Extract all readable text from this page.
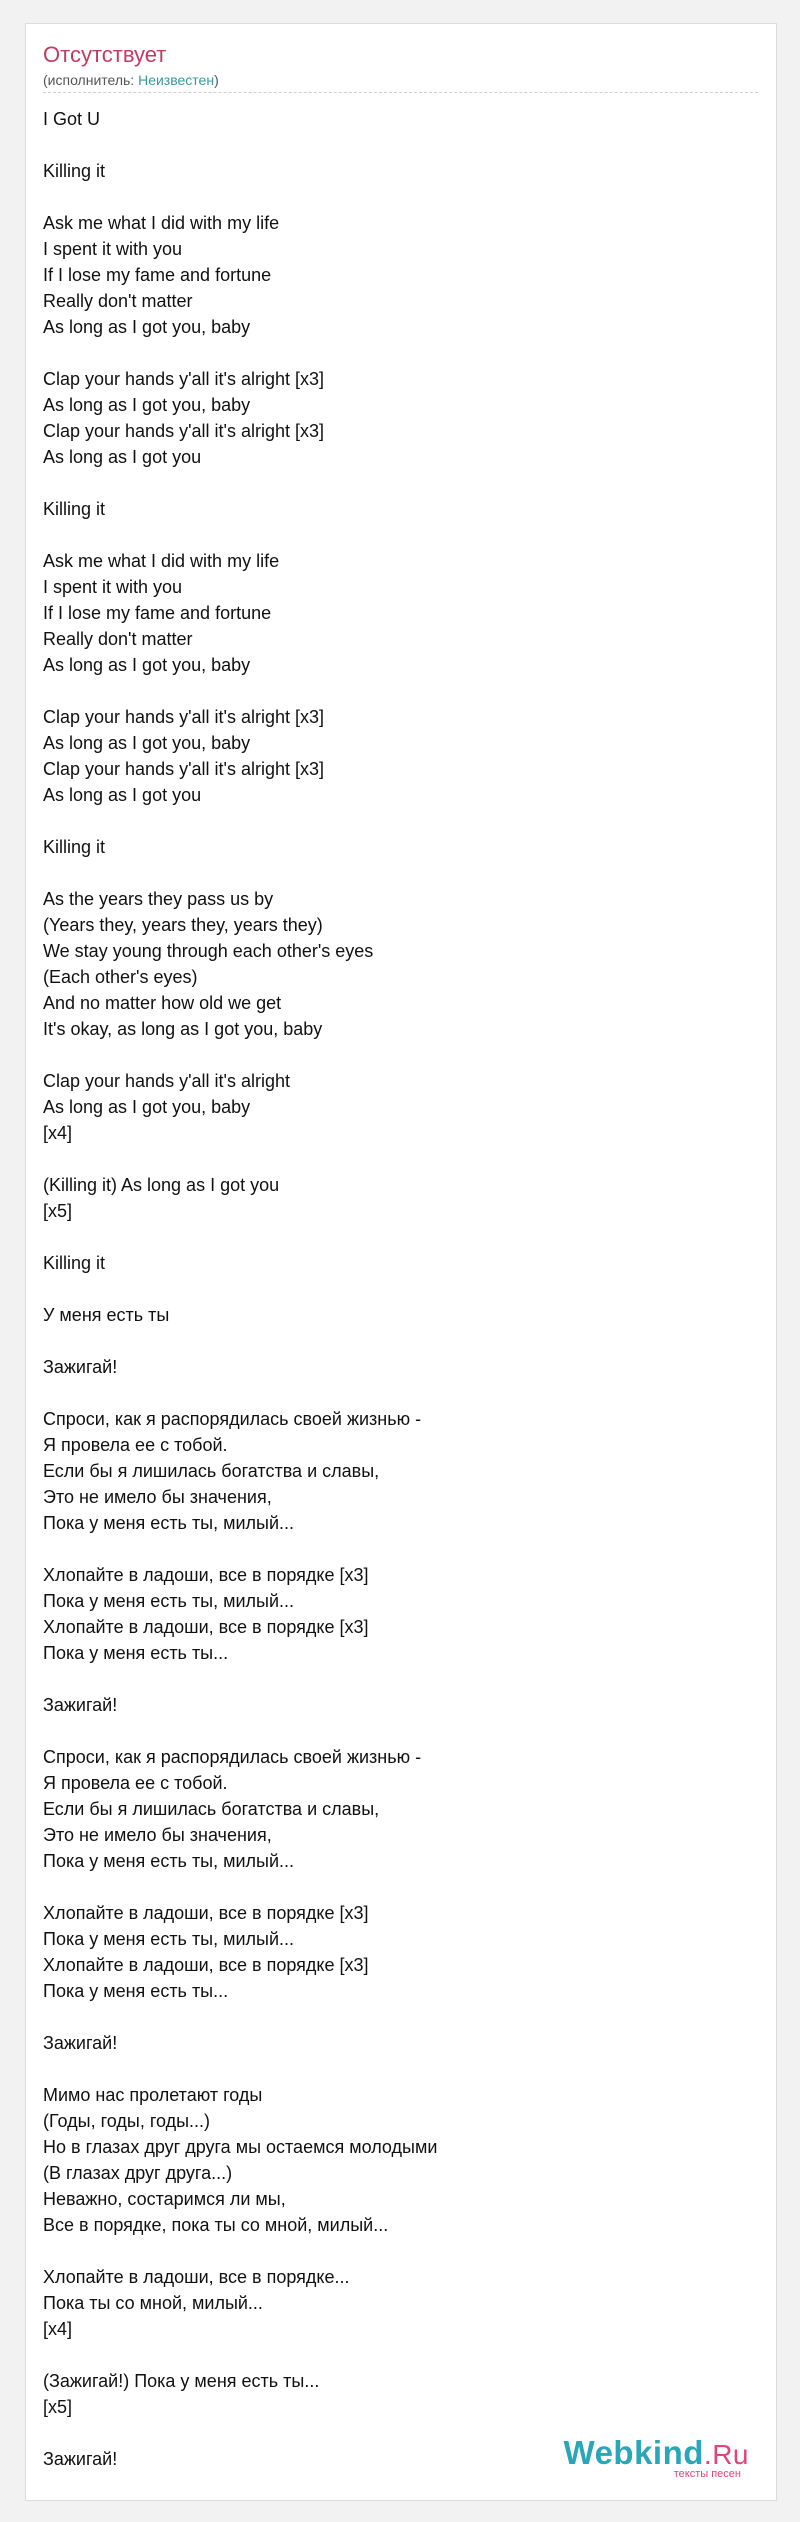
Отсутствует
(исполнитель: Неизвестен)
I Got U
Killing it
Ask me what I did with my life
I spent it with you
If I lose my fame and fortune
Really don't matter
As long as I got you, baby
Clap your hands y'all it's alright [x3]
As long as I got you, baby
Clap your hands y'all it's alright [x3]
As long as I got you
Killing it
Ask me what I did with my life
I spent it with you
If I lose my fame and fortune
Really don't matter
As long as I got you, baby
Clap your hands y'all it's alright [x3]
As long as I got you, baby
Clap your hands y'all it's alright [x3]
As long as I got you
Killing it
As the years they pass us by
(Years they, years they, years they)
We stay young through each other's eyes
(Each other's eyes)
And no matter how old we get
It's okay, as long as I got you, baby
Clap your hands y'all it's alright
As long as I got you, baby
[x4]
(Killing it) As long as I got you
[x5]
Killing it
У меня есть ты
Зажигай!
Спроси, как я распорядилась своей жизнью -
Я провела ее с тобой.
Если бы я лишилась богатства и славы,
Это не имело бы значения,
Пока у меня есть ты, милый...
Хлопайте в ладоши, все в порядке [x3]
Пока у меня есть ты, милый...
Хлопайте в ладоши, все в порядке [x3]
Пока у меня есть ты...
Зажигай!
Спроси, как я распорядилась своей жизнью -
Я провела ее с тобой.
Если бы я лишилась богатства и славы,
Это не имело бы значения,
Пока у меня есть ты, милый...
Хлопайте в ладоши, все в порядке [x3]
Пока у меня есть ты, милый...
Хлопайте в ладоши, все в порядке [x3]
Пока у меня есть ты...
Зажигай!
Мимо нас пролетают годы
(Годы, годы, годы...)
Но в глазах друг друга мы остаемся молодыми
(В глазах друг друга...)
Неважно, состаримся ли мы,
Все в порядке, пока ты со мной, милый...
Хлопайте в ладоши, все в порядке...
Пока ты со мной, милый...
[x4]
(Зажигай!) Пока у меня есть ты...
[x5]
Зажигай!	Webkind.Ru
тексты песен
